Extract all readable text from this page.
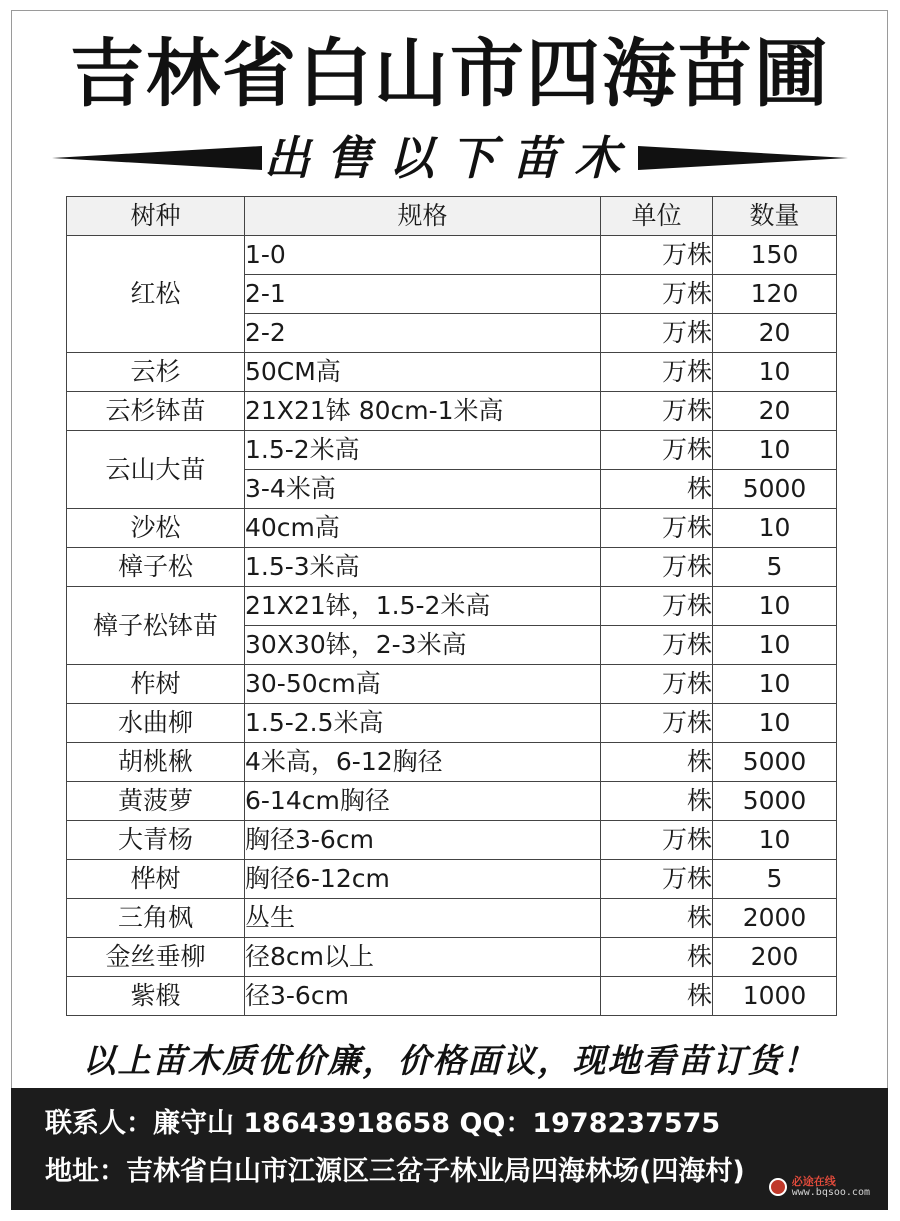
吉林省白山市四海苗圃
出售以下苗木
树种	规格	单位	数量
红松	1-0	万株	150
	2-1	万株	120
	2-2	万株	20
云杉	50CM高	万株	10
云杉钵苗	21X21钵 80cm-1米高	万株	20
云山大苗	1.5-2米高	万株	10
	3-4米高	株	5000
沙松	40cm高	万株	10
樟子松	1.5-3米高	万株	5
樟子松钵苗	21X21钵，1.5-2米高	万株	10
	30X30钵，2-3米高	万株	10
柞树	30-50cm高	万株	10
水曲柳	1.5-2.5米高	万株	10
胡桃楸	4米高，6-12胸径	株	5000
黄菠萝	6-14cm胸径	株	5000
大青杨	胸径3-6cm	万株	10
桦树	胸径6-12cm	万株	5
三角枫	丛生	株	2000
金丝垂柳	径8cm以上	株	200
紫椴	径3-6cm	株	1000
以上苗木质优价廉，价格面议，现地看苗订货！
联系人：廉守山 18643918658 QQ：1978237575
地址：吉林省白山市江源区三岔子林业局四海林场(四海村)	必途在线
www.bqsoo.com
